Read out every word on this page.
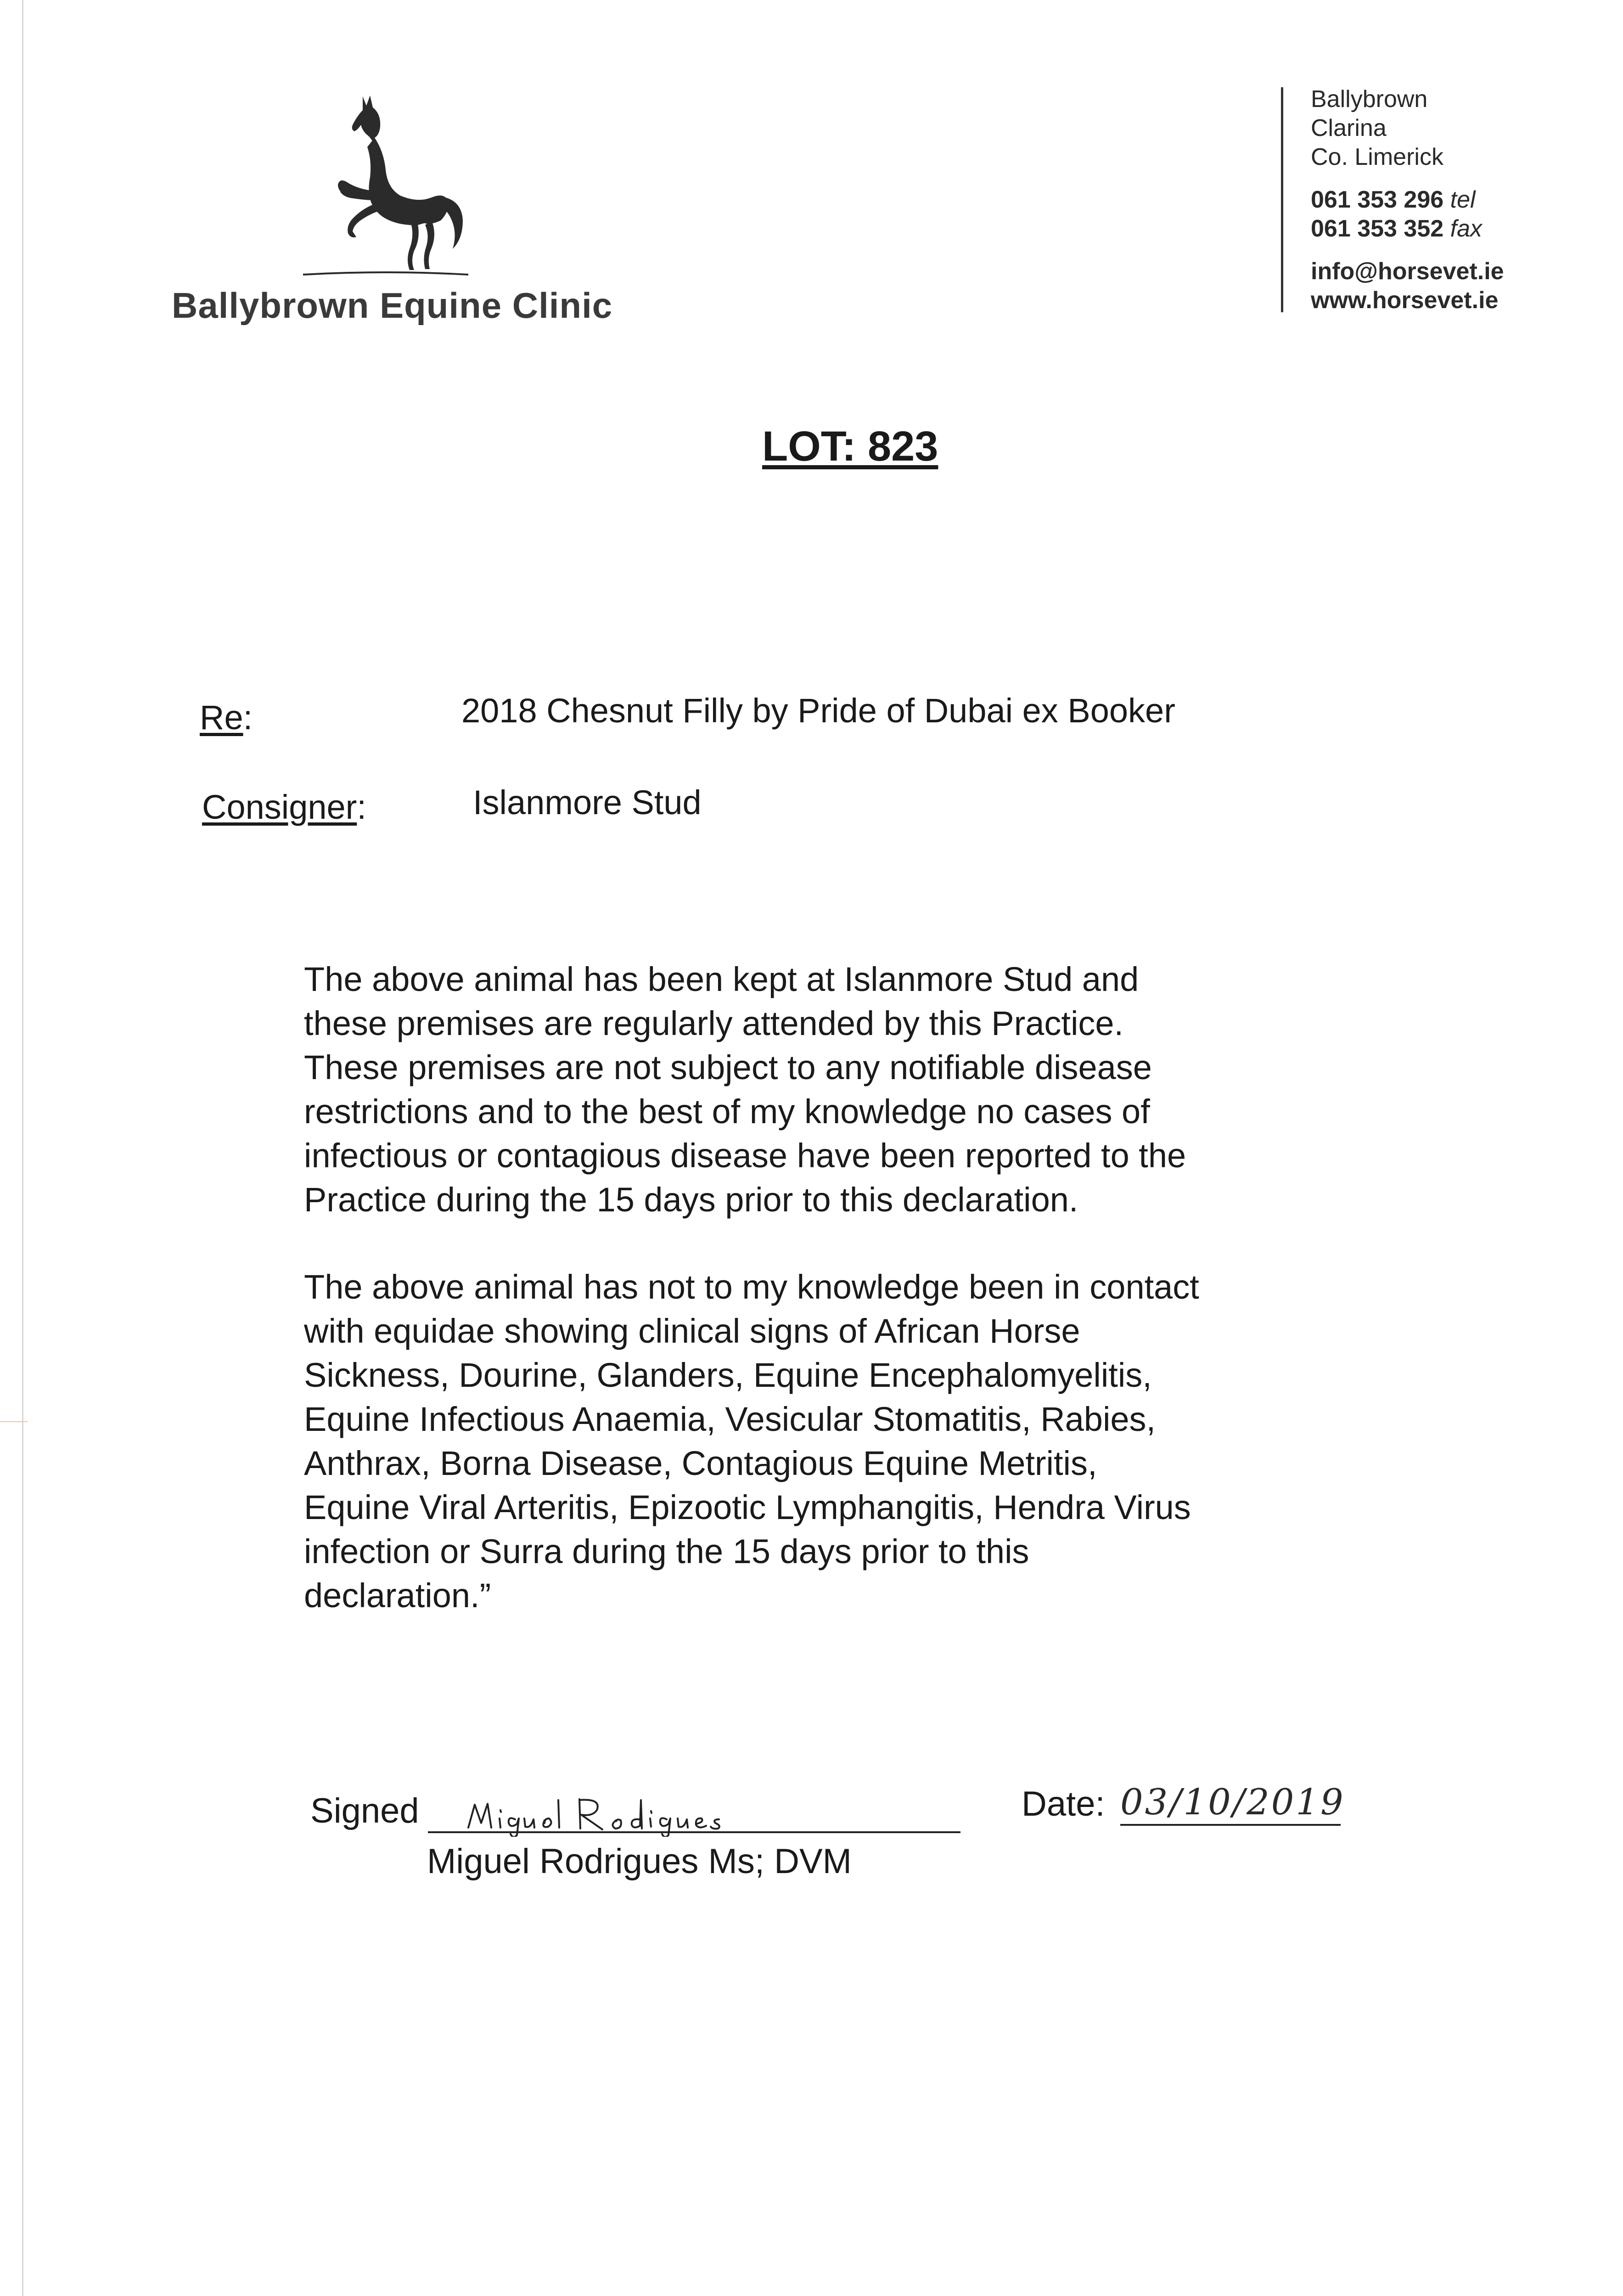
Ballybrown Equine Clinic
Ballybrown
Clarina
Co. Limerick
061 353 296 tel
061 353 352 fax
info@horsevet.ie
www.horsevet.ie
LOT: 823
Re:	2018 Chesnut Filly by Pride of Dubai ex Booker
Consigner:	Islanmore Stud
The above animal has been kept at Islanmore Stud and
these premises are regularly attended by this Practice.
These premises are not subject to any notifiable disease
restrictions and to the best of my knowledge no cases of
infectious or contagious disease have been reported to the
Practice during the 15 days prior to this declaration.
The above animal has not to my knowledge been in contact
with equidae showing clinical signs of African Horse
Sickness, Dourine, Glanders, Equine Encephalomyelitis,
Equine Infectious Anaemia, Vesicular Stomatitis, Rabies,
Anthrax, Borna Disease, Contagious Equine Metritis,
Equine Viral Arteritis, Epizootic Lymphangitis, Hendra Virus
infection or Surra during the 15 days prior to this
declaration.”
Signed
Miguel Rodrigues Ms; DVM
Date: 03/10/2019
